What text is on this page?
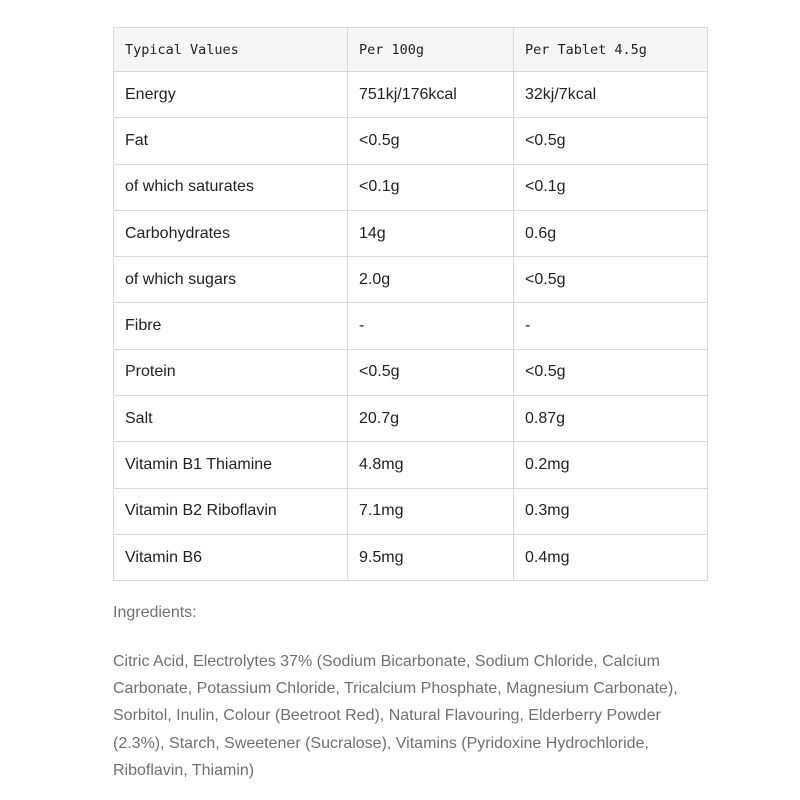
Typical Values	Per 100g	Per Tablet 4.5g
Energy	751kj/176kcal	32kj/7kcal
Fat	<0.5g	<0.5g
of which saturates	<0.1g	<0.1g
Carbohydrates	14g	0.6g
of which sugars	2.0g	<0.5g
Fibre	-	-
Protein	<0.5g	<0.5g
Salt	20.7g	0.87g
Vitamin B1 Thiamine	4.8mg	0.2mg
Vitamin B2 Riboflavin	7.1mg	0.3mg
Vitamin B6	9.5mg	0.4mg

Ingredients:

Citric Acid, Electrolytes 37% (Sodium Bicarbonate, Sodium Chloride, Calcium Carbonate, Potassium Chloride, Tricalcium Phosphate, Magnesium Carbonate), Sorbitol, Inulin, Colour (Beetroot Red), Natural Flavouring, Elderberry Powder (2.3%), Starch, Sweetener (Sucralose), Vitamins (Pyridoxine Hydrochloride, Riboflavin, Thiamin)
